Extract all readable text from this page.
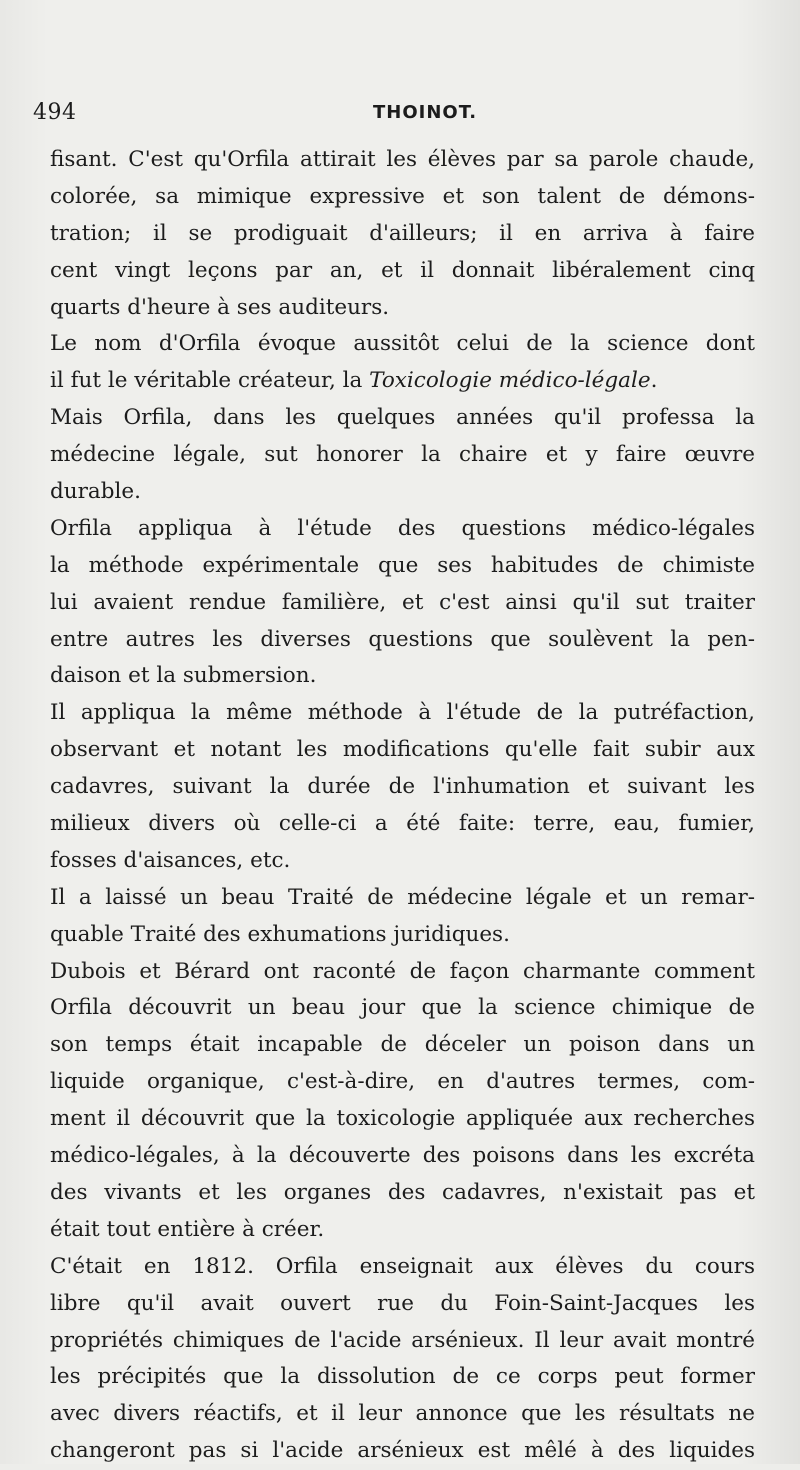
494	THOINOT.
fisant. C'est qu'Orfila attirait les élèves par sa parole chaude,
colorée, sa mimique expressive et son talent de démons-
tration; il se prodiguait d'ailleurs; il en arriva à faire
cent vingt leçons par an, et il donnait libéralement cinq
quarts d'heure à ses auditeurs.
Le nom d'Orfila évoque aussitôt celui de la science dont
il fut le véritable créateur, la Toxicologie médico-légale.
Mais Orfila, dans les quelques années qu'il professa la
médecine légale, sut honorer la chaire et y faire œuvre
durable.
Orfila appliqua à l'étude des questions médico-légales
la méthode expérimentale que ses habitudes de chimiste
lui avaient rendue familière, et c'est ainsi qu'il sut traiter
entre autres les diverses questions que soulèvent la pen-
daison et la submersion.
Il appliqua la même méthode à l'étude de la putréfaction,
observant et notant les modifications qu'elle fait subir aux
cadavres, suivant la durée de l'inhumation et suivant les
milieux divers où celle-ci a été faite: terre, eau, fumier,
fosses d'aisances, etc.
Il a laissé un beau Traité de médecine légale et un remar-
quable Traité des exhumations juridiques.
Dubois et Bérard ont raconté de façon charmante comment
Orfila découvrit un beau jour que la science chimique de
son temps était incapable de déceler un poison dans un
liquide organique, c'est-à-dire, en d'autres termes, com-
ment il découvrit que la toxicologie appliquée aux recherches
médico-légales, à la découverte des poisons dans les excréta
des vivants et les organes des cadavres, n'existait pas et
était tout entière à créer.
C'était en 1812. Orfila enseignait aux élèves du cours
libre qu'il avait ouvert rue du Foin-Saint-Jacques les
propriétés chimiques de l'acide arsénieux. Il leur avait montré
les précipités que la dissolution de ce corps peut former
avec divers réactifs, et il leur annonce que les résultats ne
changeront pas si l'acide arsénieux est mêlé à des liquides
